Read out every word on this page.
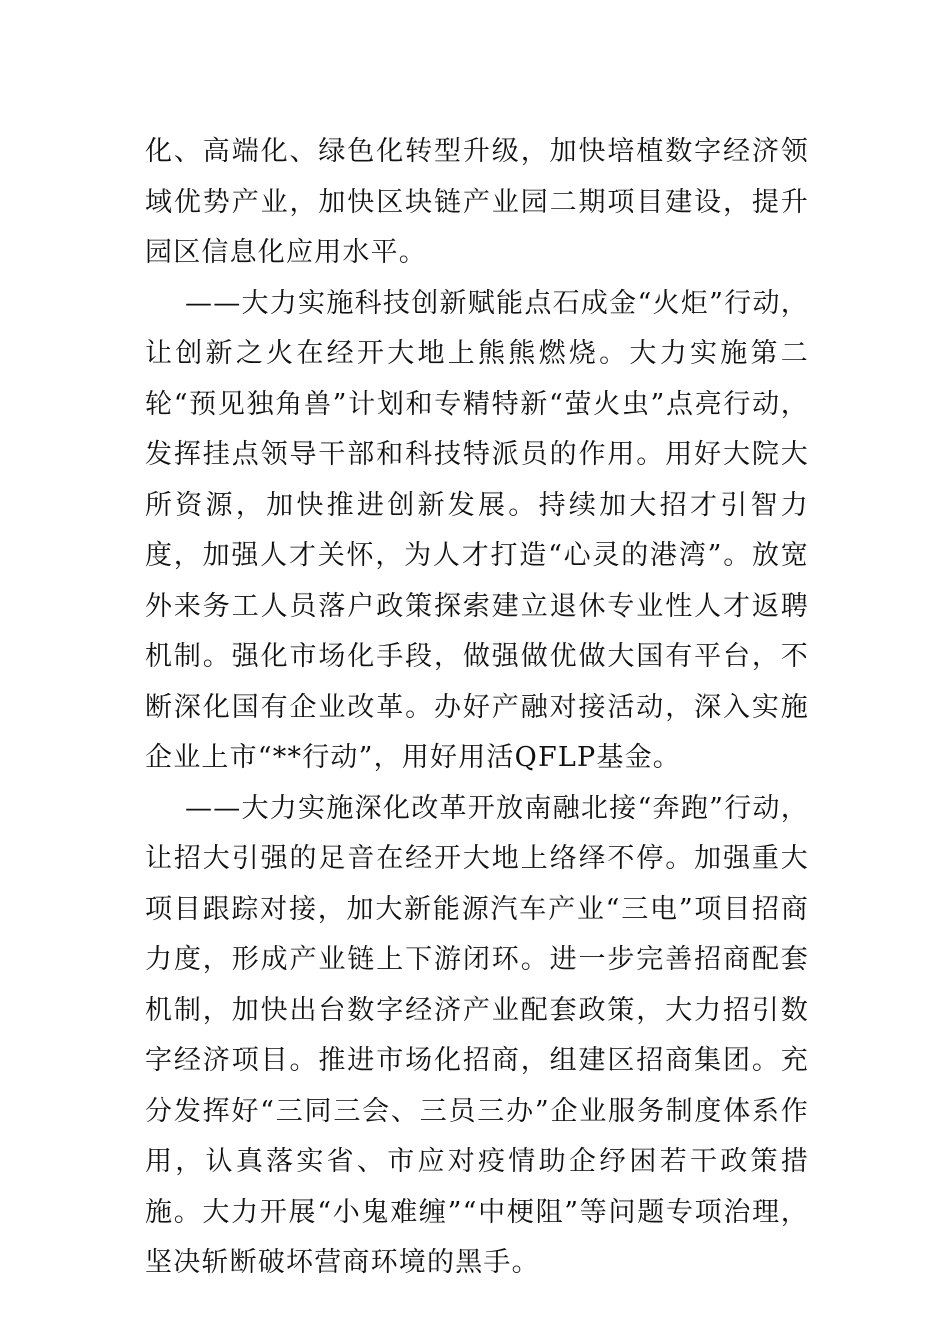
化、高端化、绿色化转型升级，加快培植数字经济领域优势产业，加快区块链产业园二期项目建设，提升园区信息化应用水平。

——大力实施科技创新赋能点石成金“火炬”行动，让创新之火在经开大地上熊熊燃烧。大力实施第二轮“预见独角兽”计划和专精特新“萤火虫”点亮行动，发挥挂点领导干部和科技特派员的作用。用好大院大所资源，加快推进创新发展。持续加大招才引智力度，加强人才关怀，为人才打造“心灵的港湾”。放宽外来务工人员落户政策探索建立退休专业性人才返聘机制。强化市场化手段，做强做优做大国有平台，不断深化国有企业改革。办好产融对接活动，深入实施企业上市“**行动”，用好用活QFLP基金。

——大力实施深化改革开放南融北接“奔跑”行动，让招大引强的足音在经开大地上络绎不停。加强重大项目跟踪对接，加大新能源汽车产业“三电”项目招商力度，形成产业链上下游闭环。进一步完善招商配套机制，加快出台数字经济产业配套政策，大力招引数字经济项目。推进市场化招商，组建区招商集团。充分发挥好“三同三会、三员三办”企业服务制度体系作用，认真落实省、市应对疫情助企纾困若干政策措施。大力开展“小鬼难缠”“中梗阻”等问题专项治理，坚决斩断破坏营商环境的黑手。
